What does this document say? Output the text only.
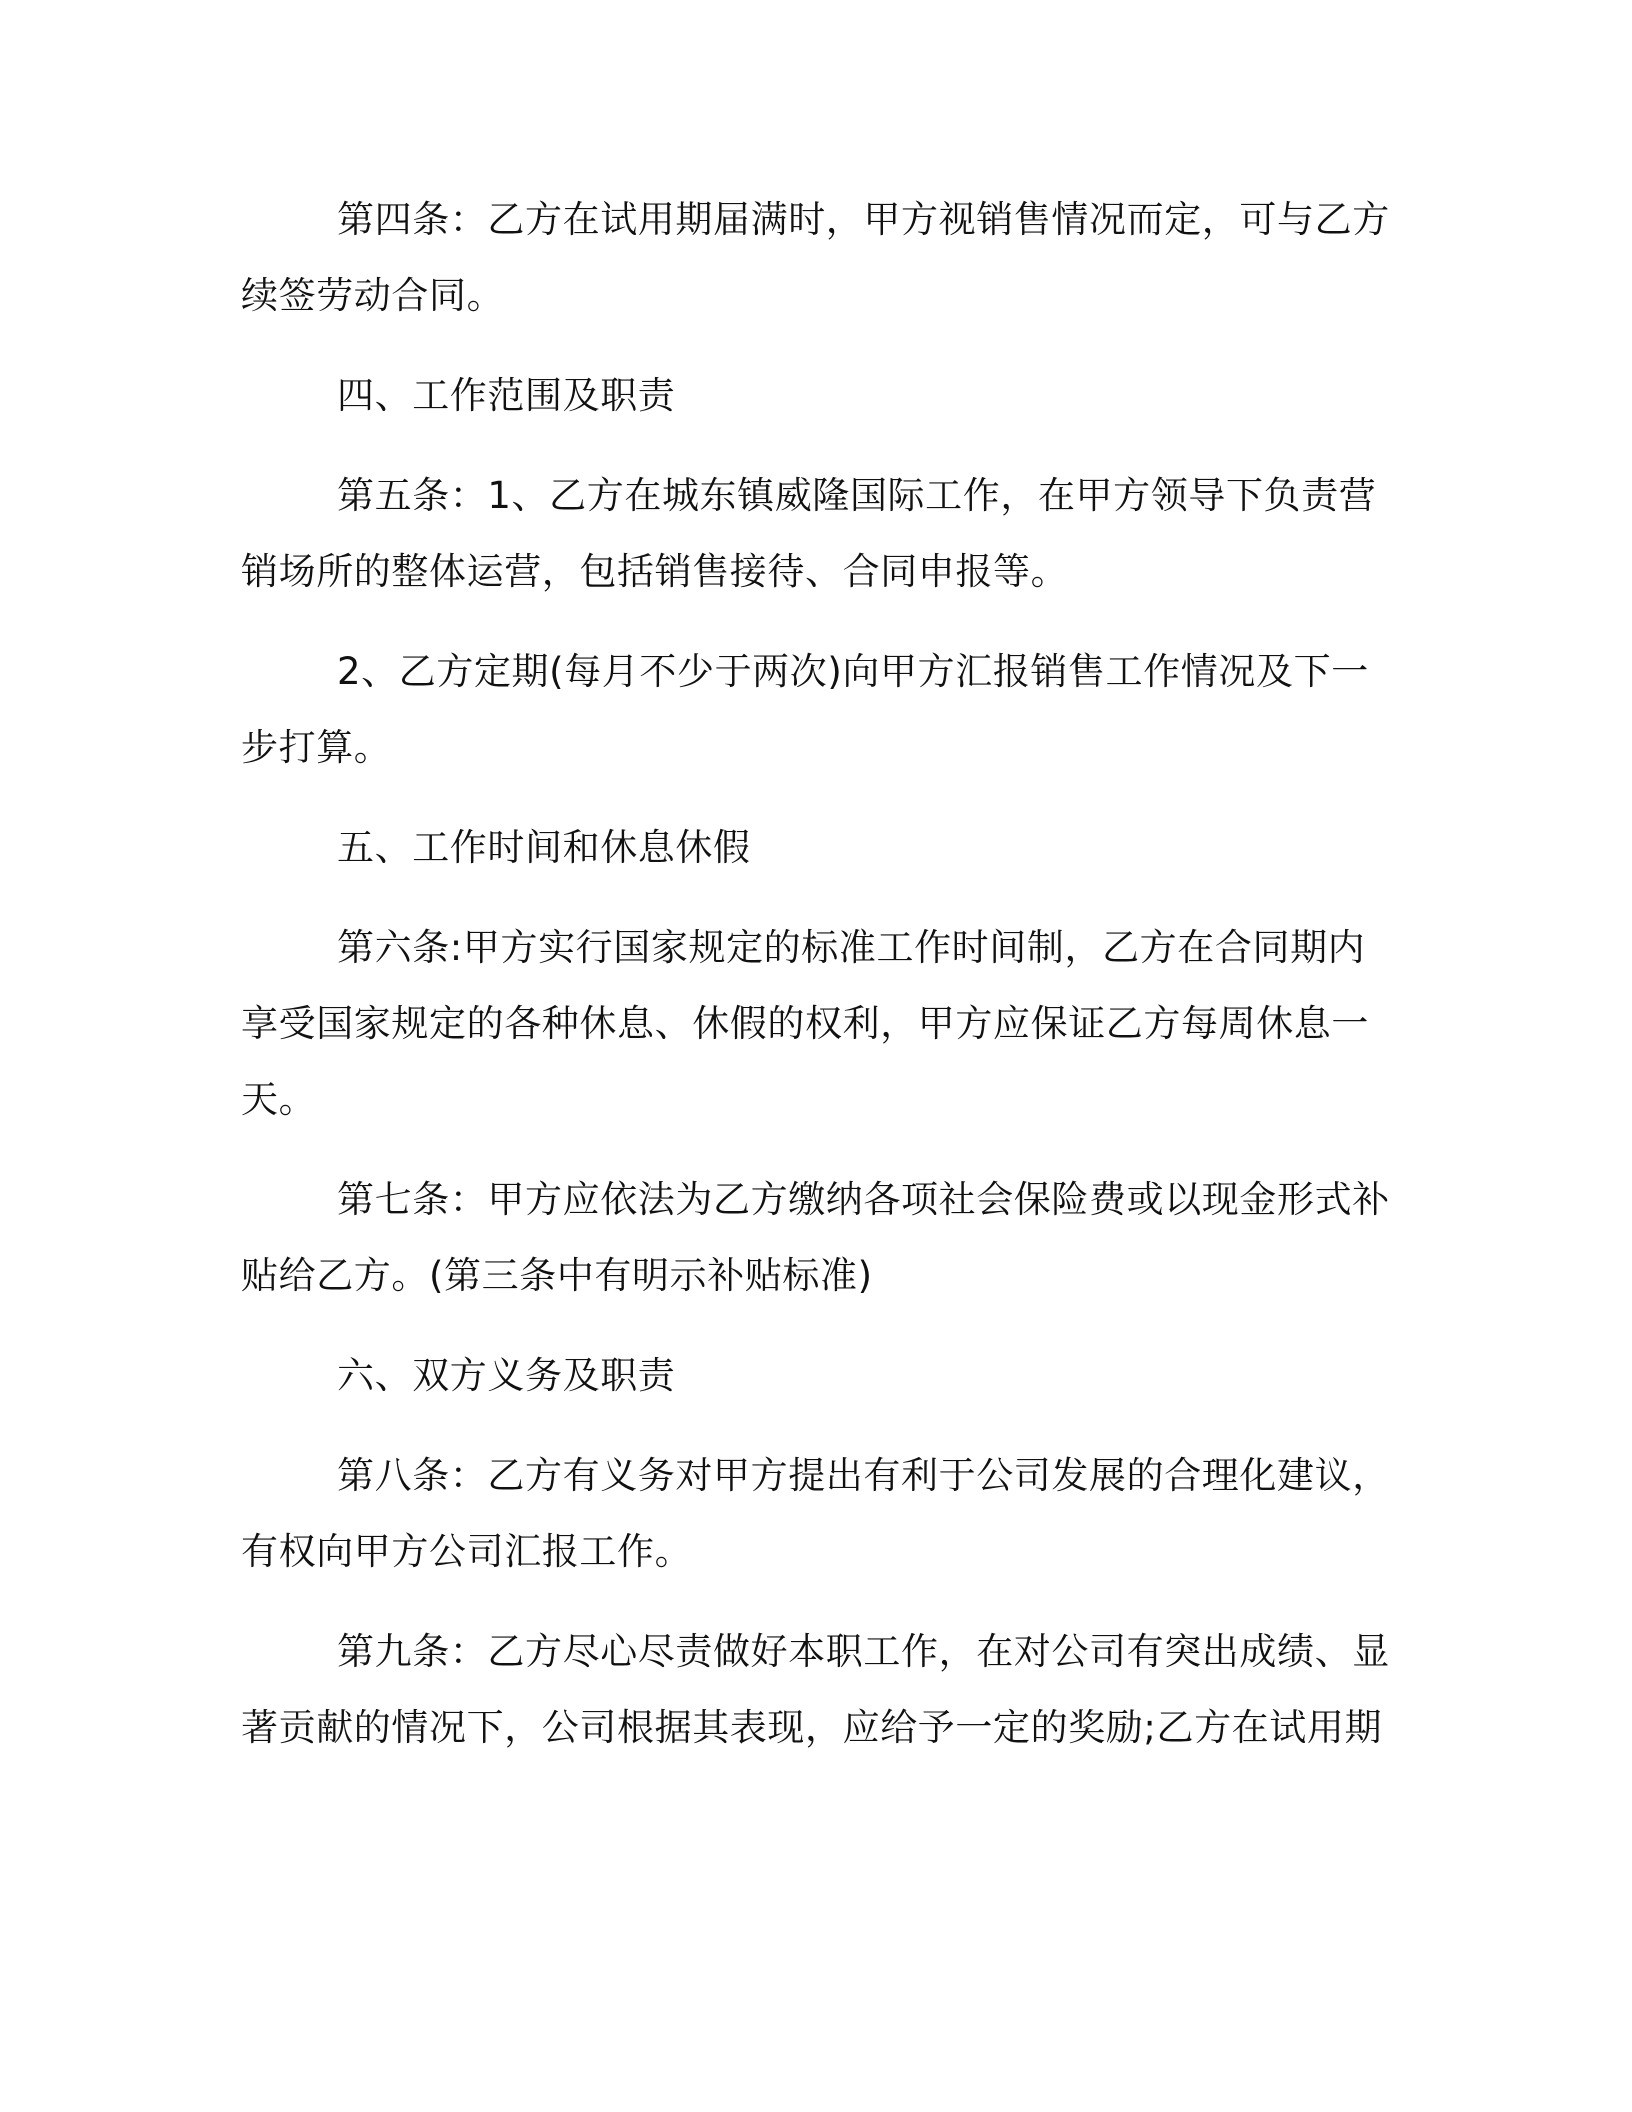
第四条：乙方在试用期届满时，甲方视销售情况而定，可与乙方
续签劳动合同。
四、工作范围及职责
第五条：1、乙方在城东镇威隆国际工作，在甲方领导下负责营
销场所的整体运营，包括销售接待、合同申报等。
2、乙方定期(每月不少于两次)向甲方汇报销售工作情况及下一
步打算。
五、工作时间和休息休假
第六条:甲方实行国家规定的标准工作时间制，乙方在合同期内
享受国家规定的各种休息、休假的权利，甲方应保证乙方每周休息一
天。
第七条：甲方应依法为乙方缴纳各项社会保险费或以现金形式补
贴给乙方。(第三条中有明示补贴标准)
六、双方义务及职责
第八条：乙方有义务对甲方提出有利于公司发展的合理化建议，
有权向甲方公司汇报工作。
第九条：乙方尽心尽责做好本职工作，在对公司有突出成绩、显
著贡献的情况下，公司根据其表现，应给予一定的奖励;乙方在试用期
